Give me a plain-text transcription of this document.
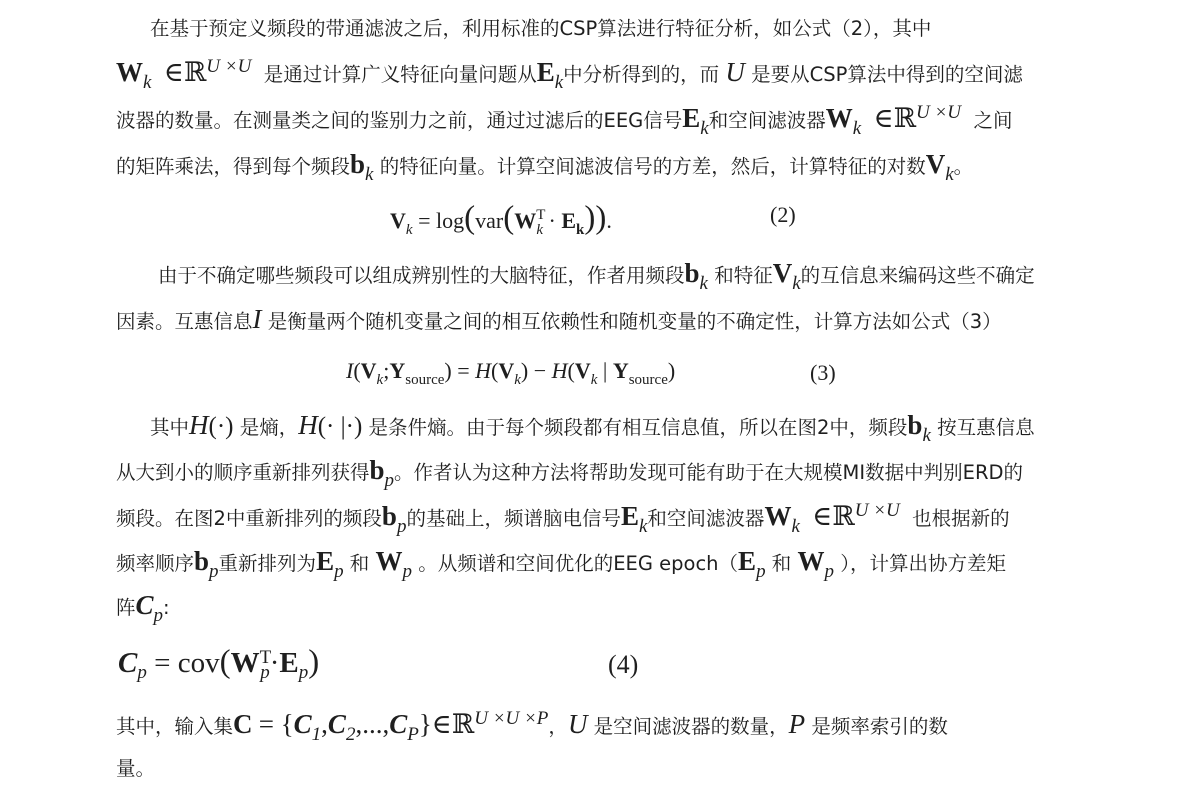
在基于预定义频段的带通滤波之后，利用标准的CSP算法进行特征分析，如公式（2），其中
Wk ∈ℝU ×U 是通过计算广义特征向量问题从Ek中分析得到的，而 U 是要从CSP算法中得到的空间滤
波器的数量。在测量类之间的鉴别力之前，通过过滤后的EEG信号Ek和空间滤波器Wk ∈ℝU ×U 之间
的矩阵乘法，得到每个频段bk 的特征向量。计算空间滤波信号的方差，然后，计算特征的对数Vk。
$V_k = \log(var(W^T_k \cdot E_k))$.	(2)
由于不确定哪些频段可以组成辨别性的大脑特征，作者用频段bk 和特征Vk的互信息来编码这些不确定
因素。互惠信息I 是衡量两个随机变量之间的相互依赖性和随机变量的不确定性，计算方法如公式（3）
$I(V_k;Y_{source}) = H(V_k) - H(V_k$ | $Y_{source}$)	(3)
其中H(·) 是熵，H(· |·) 是条件熵。由于每个频段都有相互信息值，所以在图2中，频段bk 按互惠信息
从大到小的顺序重新排列获得bp。作者认为这种方法将帮助发现可能有助于在大规模MI数据中判别ERD的
频段。在图2中重新排列的频段bp的基础上，频谱脑电信号Ek和空间滤波器Wk ∈ℝU ×U 也根据新的
频率顺序bp重新排列为Ep 和 Wp 。从频谱和空间优化的EEG epoch（Ep 和 Wp ），计算出协方差矩
阵Cp:
$C_p = cov(W^T_p\cdot E_p)$	(4)
其中，输入集C = {C1,C2,...,CP}∈ℝU ×U ×P，U 是空间滤波器的数量，P 是频率索引的数
量。
